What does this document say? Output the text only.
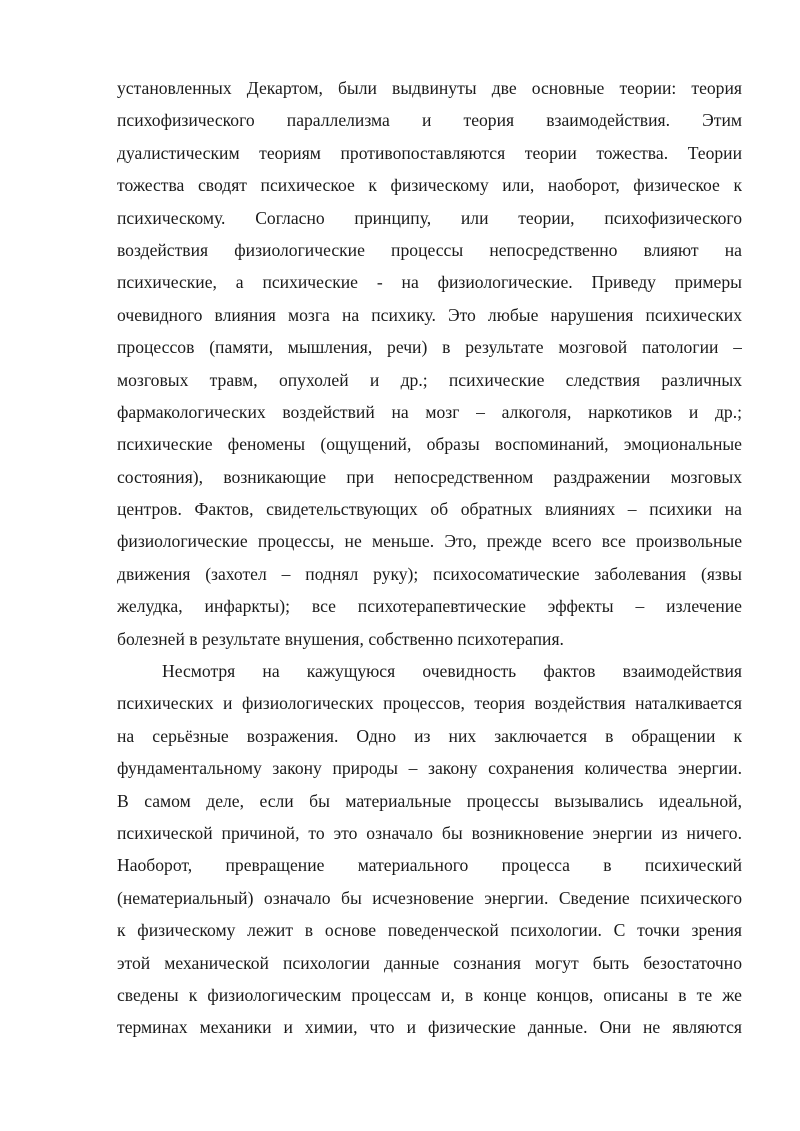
установленных Декартом, были выдвинуты две основные теории: теория
психофизического параллелизма и теория взаимодействия. Этим
дуалистическим теориям противопоставляются теории тожества. Теории
тожества сводят психическое к физическому или, наоборот, физическое к
психическому. Согласно принципу, или теории, психофизического
воздействия физиологические процессы непосредственно влияют на
психические, а психические - на физиологические. Приведу примеры
очевидного влияния мозга на психику. Это любые нарушения психических
процессов (памяти, мышления, речи) в результате мозговой патологии –
мозговых травм, опухолей и др.; психические следствия различных
фармакологических воздействий на мозг – алкоголя, наркотиков и др.;
психические феномены (ощущений, образы воспоминаний, эмоциональные
состояния), возникающие при непосредственном раздражении мозговых
центров. Фактов, свидетельствующих об обратных влияниях – психики на
физиологические процессы, не меньше. Это, прежде всего все произвольные
движения (захотел – поднял руку); психосоматические заболевания (язвы
желудка, инфаркты); все психотерапевтические эффекты – излечение
болезней в результате внушения, собственно психотерапия.
Несмотря на кажущуюся очевидность фактов взаимодействия
психических и физиологических процессов, теория воздействия наталкивается
на серьёзные возражения. Одно из них заключается в обращении к
фундаментальному закону природы – закону сохранения количества энергии.
В самом деле, если бы материальные процессы вызывались идеальной,
психической причиной, то это означало бы возникновение энергии из ничего.
Наоборот, превращение материального процесса в психический
(нематериальный) означало бы исчезновение энергии. Сведение психического
к физическому лежит в основе поведенческой психологии. С точки зрения
этой механической психологии данные сознания могут быть безостаточно
сведены к физиологическим процессам и, в конце концов, описаны в те же
терминах механики и химии, что и физические данные. Они не являются
